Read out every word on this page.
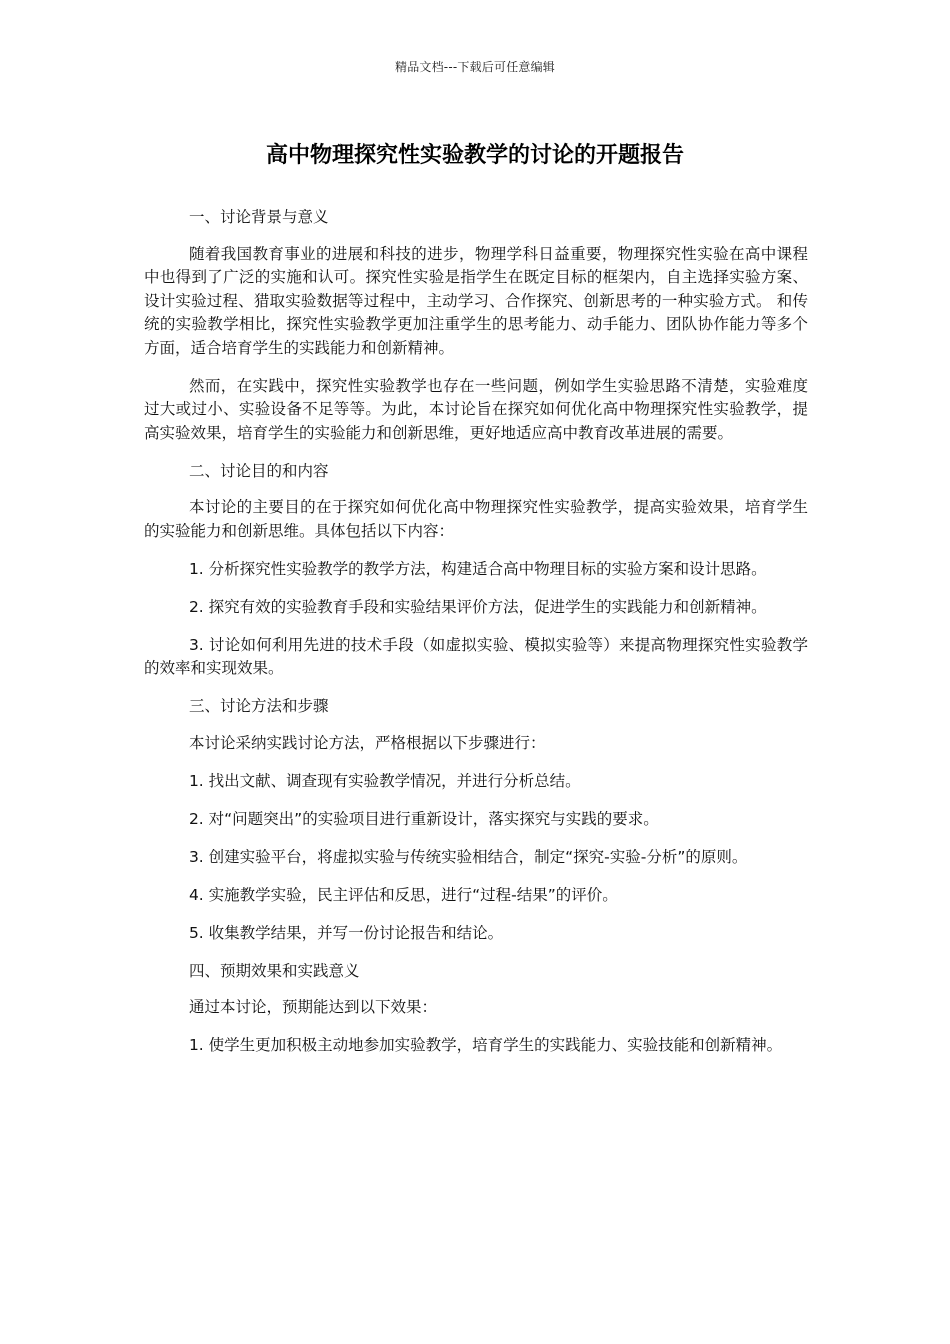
精品文档---下载后可任意编辑
高中物理探究性实验教学的讨论的开题报告

一、讨论背景与意义

随着我国教育事业的进展和科技的进步，物理学科日益重要，物理探究性实验在高中课程中也得到了广泛的实施和认可。探究性实验是指学生在既定目标的框架内，自主选择实验方案、设计实验过程、猎取实验数据等过程中，主动学习、合作探究、创新思考的一种实验方式。 和传统的实验教学相比，探究性实验教学更加注重学生的思考能力、动手能力、团队协作能力等多个方面，适合培育学生的实践能力和创新精神。

然而，在实践中，探究性实验教学也存在一些问题，例如学生实验思路不清楚，实验难度过大或过小、实验设备不足等等。为此，本讨论旨在探究如何优化高中物理探究性实验教学，提高实验效果，培育学生的实验能力和创新思维，更好地适应高中教育改革进展的需要。

二、讨论目的和内容

本讨论的主要目的在于探究如何优化高中物理探究性实验教学，提高实验效果，培育学生的实验能力和创新思维。具体包括以下内容：

1. 分析探究性实验教学的教学方法，构建适合高中物理目标的实验方案和设计思路。

2. 探究有效的实验教育手段和实验结果评价方法，促进学生的实践能力和创新精神。

3. 讨论如何利用先进的技术手段（如虚拟实验、模拟实验等）来提高物理探究性实验教学的效率和实现效果。

三、讨论方法和步骤

本讨论采纳实践讨论方法，严格根据以下步骤进行：

1. 找出文献、调查现有实验教学情况，并进行分析总结。

2. 对“问题突出”的实验项目进行重新设计，落实探究与实践的要求。

3. 创建实验平台，将虚拟实验与传统实验相结合，制定“探究-实验-分析”的原则。

4. 实施教学实验，民主评估和反思，进行“过程-结果”的评价。

5. 收集教学结果，并写一份讨论报告和结论。

四、预期效果和实践意义

通过本讨论，预期能达到以下效果：

1. 使学生更加积极主动地参加实验教学，培育学生的实践能力、实验技能和创新精神。
